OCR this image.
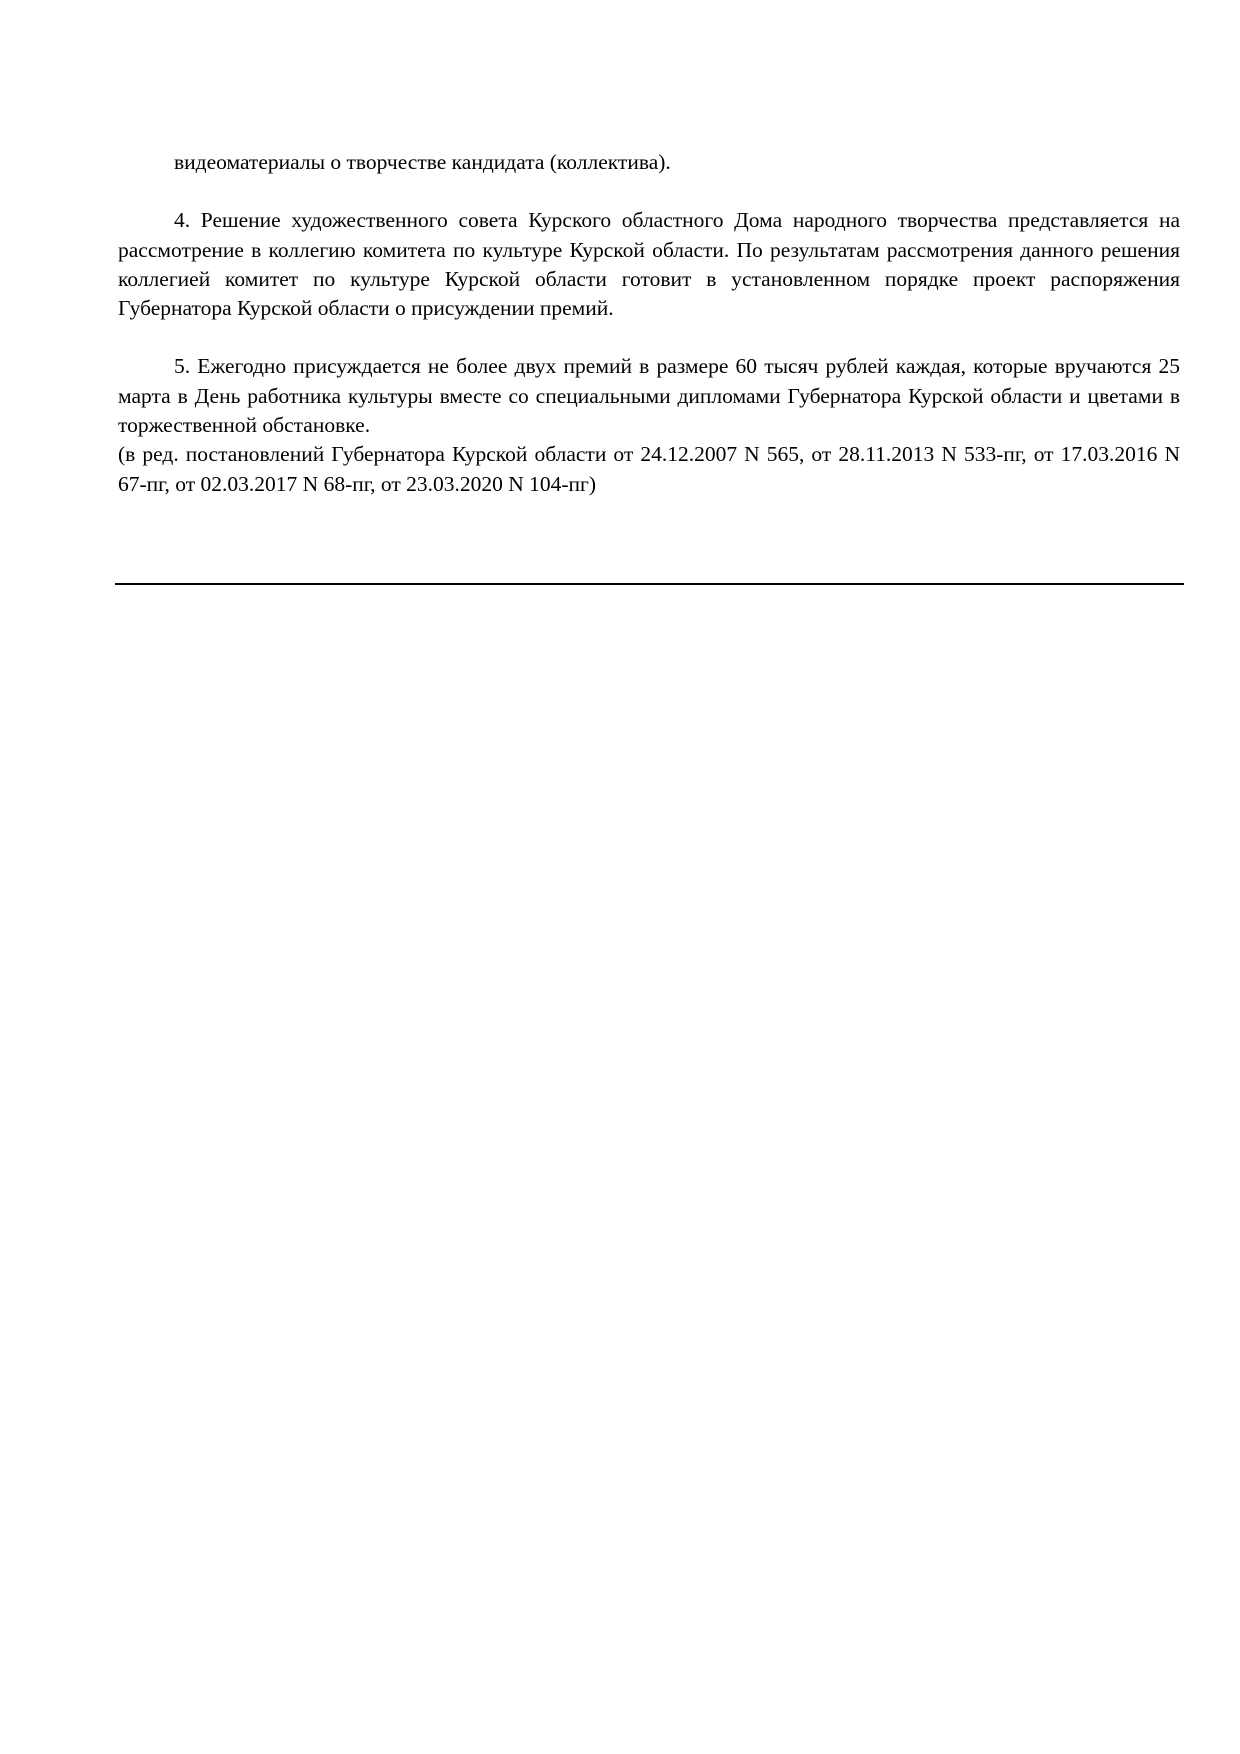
видеоматериалы о творчестве кандидата (коллектива).

4. Решение художественного совета Курского областного Дома народного творчества представляется на рассмотрение в коллегию комитета по культуре Курской области. По результатам рассмотрения данного решения коллегией комитет по культуре Курской области готовит в установленном порядке проект распоряжения Губернатора Курской области о присуждении премий.

5. Ежегодно присуждается не более двух премий в размере 60 тысяч рублей каждая, которые вручаются 25 марта в День работника культуры вместе со специальными дипломами Губернатора Курской области и цветами в торжественной обстановке.

(в ред. постановлений Губернатора Курской области от 24.12.2007 N 565, от 28.11.2013 N 533-пг, от 17.03.2016 N 67-пг, от 02.03.2017 N 68-пг, от 23.03.2020 N 104-пг)
